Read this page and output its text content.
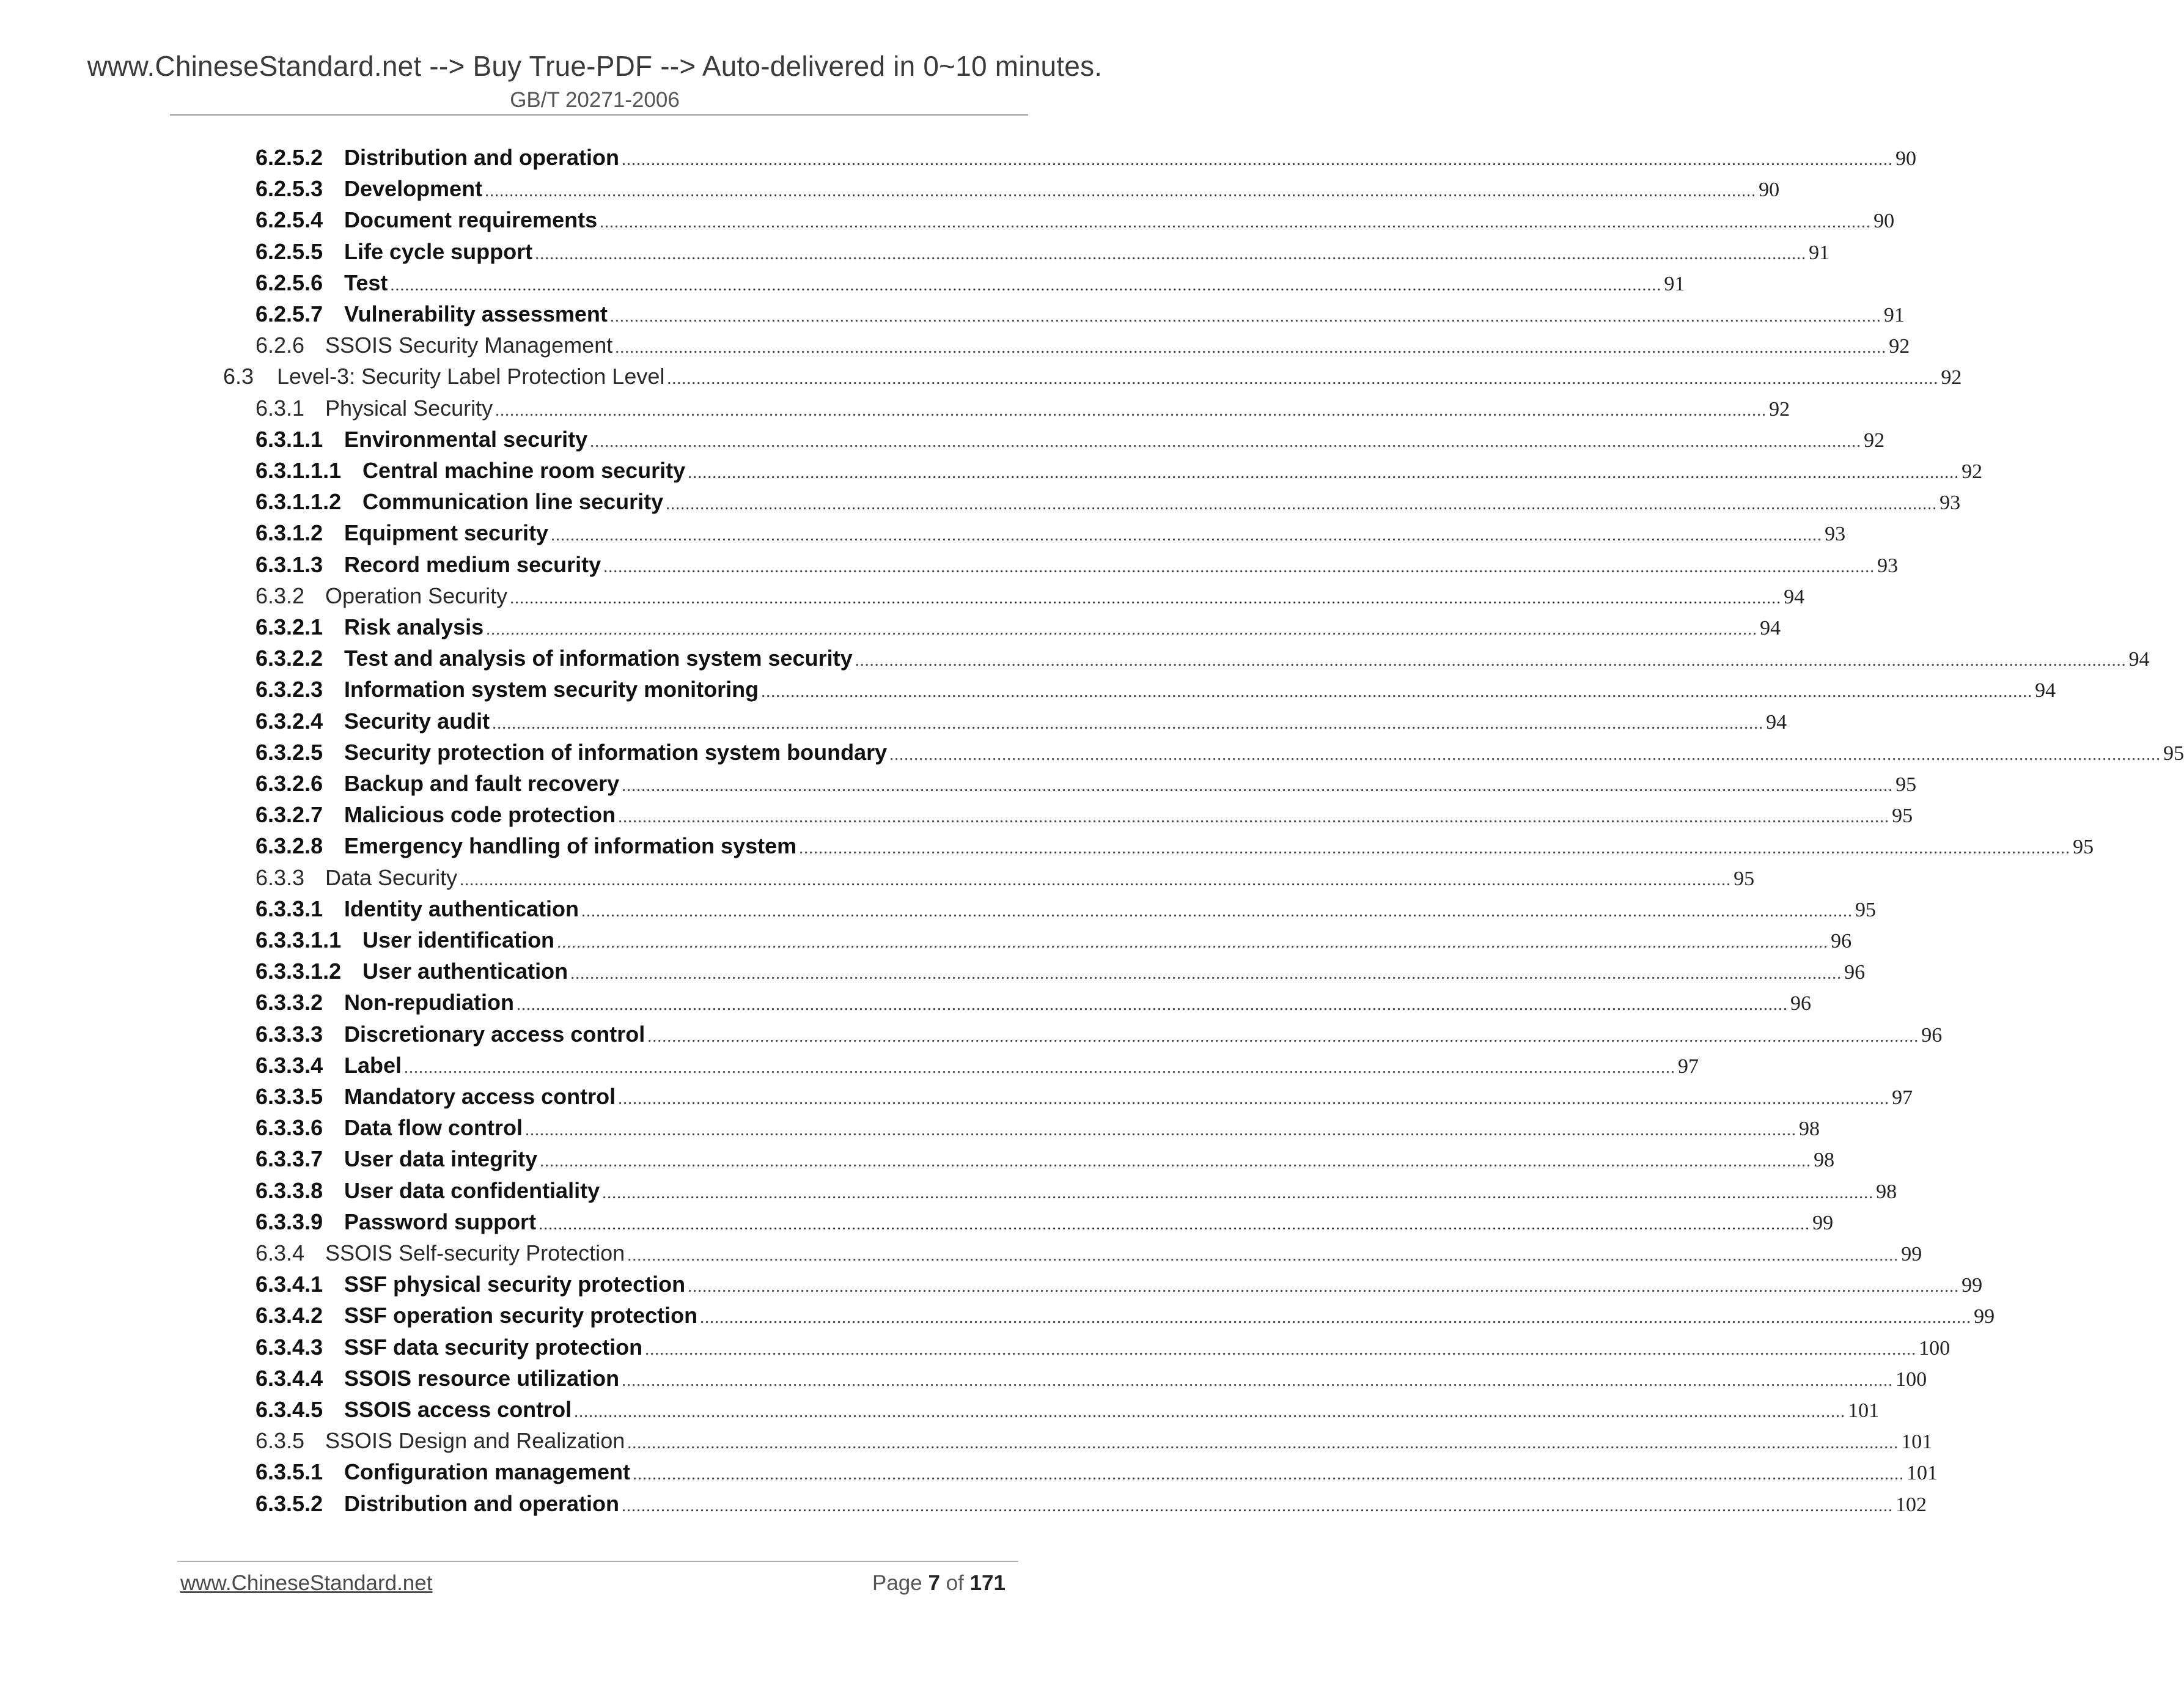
www.ChineseStandard.net --> Buy True-PDF --> Auto-delivered in 0~10 minutes.
GB/T 20271-2006
6.2.5.2 Distribution and operation .................................................................................................................................................................................................................................................................... 90
6.2.5.3 Development .................................................................................................................................................................................................................................................................... 90
6.2.5.4 Document requirements .................................................................................................................................................................................................................................................................... 90
6.2.5.5 Life cycle support .................................................................................................................................................................................................................................................................... 91
6.2.5.6 Test .................................................................................................................................................................................................................................................................... 91
6.2.5.7 Vulnerability assessment .................................................................................................................................................................................................................................................................... 91
6.2.6 SSOIS Security Management .................................................................................................................................................................................................................................................................... 92
6.3	Level-3: Security Label Protection Level .................................................................................................................................................................................................................................................................... 92
6.3.1 Physical Security .................................................................................................................................................................................................................................................................... 92
6.3.1.1 Environmental security .................................................................................................................................................................................................................................................................... 92
6.3.1.1.1 Central machine room security .................................................................................................................................................................................................................................................................... 92
6.3.1.1.2 Communication line security .................................................................................................................................................................................................................................................................... 93
6.3.1.2 Equipment security .................................................................................................................................................................................................................................................................... 93
6.3.1.3 Record medium security .................................................................................................................................................................................................................................................................... 93
6.3.2 Operation Security .................................................................................................................................................................................................................................................................... 94
6.3.2.1 Risk analysis .................................................................................................................................................................................................................................................................... 94
6.3.2.2 Test and analysis of information system security .................................................................................................................................................................................................................................................................... 94
6.3.2.3 Information system security monitoring .................................................................................................................................................................................................................................................................... 94
6.3.2.4 Security audit .................................................................................................................................................................................................................................................................... 94
6.3.2.5 Security protection of information system boundary .................................................................................................................................................................................................................................................................... 95
6.3.2.6 Backup and fault recovery .................................................................................................................................................................................................................................................................... 95
6.3.2.7 Malicious code protection .................................................................................................................................................................................................................................................................... 95
6.3.2.8 Emergency handling of information system .................................................................................................................................................................................................................................................................... 95
6.3.3 Data Security .................................................................................................................................................................................................................................................................... 95
6.3.3.1 Identity authentication .................................................................................................................................................................................................................................................................... 95
6.3.3.1.1 User identification .................................................................................................................................................................................................................................................................... 96
6.3.3.1.2 User authentication .................................................................................................................................................................................................................................................................... 96
6.3.3.2 Non-repudiation .................................................................................................................................................................................................................................................................... 96
6.3.3.3 Discretionary access control .................................................................................................................................................................................................................................................................... 96
6.3.3.4 Label .................................................................................................................................................................................................................................................................... 97
6.3.3.5 Mandatory access control .................................................................................................................................................................................................................................................................... 97
6.3.3.6 Data flow control .................................................................................................................................................................................................................................................................... 98
6.3.3.7 User data integrity .................................................................................................................................................................................................................................................................... 98
6.3.3.8 User data confidentiality .................................................................................................................................................................................................................................................................... 98
6.3.3.9 Password support .................................................................................................................................................................................................................................................................... 99
6.3.4 SSOIS Self-security Protection .................................................................................................................................................................................................................................................................... 99
6.3.4.1 SSF physical security protection .................................................................................................................................................................................................................................................................... 99
6.3.4.2 SSF operation security protection .................................................................................................................................................................................................................................................................... 99
6.3.4.3 SSF data security protection .................................................................................................................................................................................................................................................................... 100
6.3.4.4 SSOIS resource utilization .................................................................................................................................................................................................................................................................... 100
6.3.4.5 SSOIS access control .................................................................................................................................................................................................................................................................... 101
6.3.5 SSOIS Design and Realization .................................................................................................................................................................................................................................................................... 101
6.3.5.1 Configuration management .................................................................................................................................................................................................................................................................... 101
6.3.5.2 Distribution and operation .................................................................................................................................................................................................................................................................... 102
www.ChineseStandard.net	Page 7 of 171
